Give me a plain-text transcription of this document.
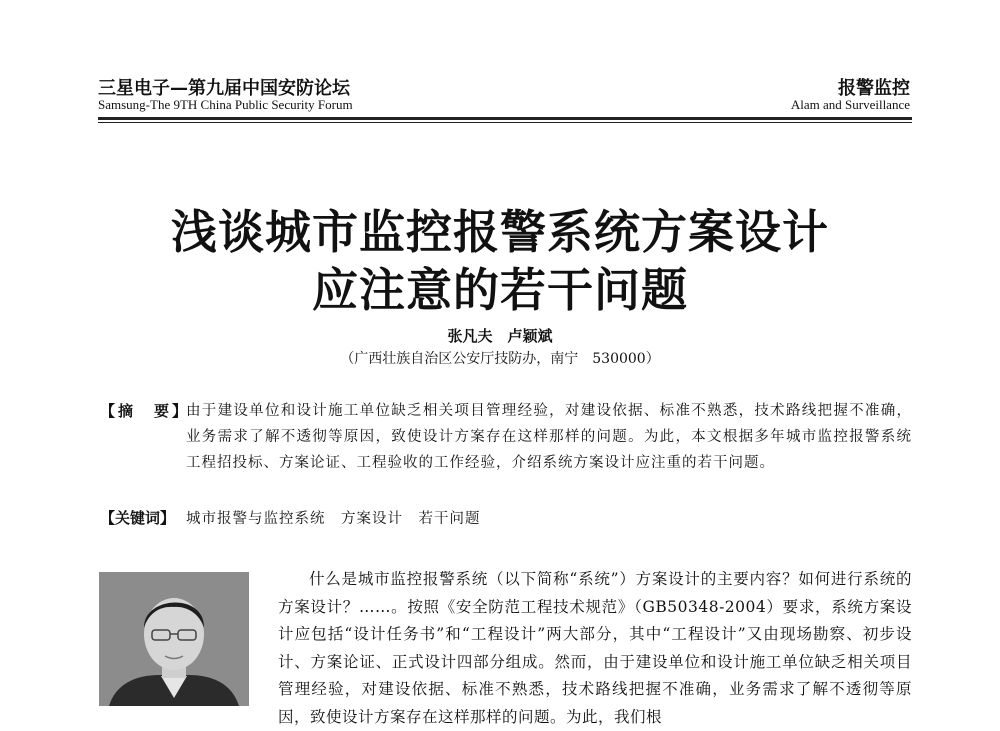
三星电子—第九届中国安防论坛
Samsung-The 9TH China Public Security Forum
报警监控
Alam and Surveillance
浅谈城市监控报警系统方案设计
应注意的若干问题
张凡夫　卢颖斌
（广西壮族自治区公安厅技防办，南宁　530000）
【摘　要】
由于建设单位和设计施工单位缺乏相关项目管理经验，对建设依据、标准不熟悉，技术路线把握不准确，业务需求了解不透彻等原因，致使设计方案存在这样那样的问题。为此，本文根据多年城市监控报警系统工程招投标、方案论证、工程验收的工作经验，介绍系统方案设计应注重的若干问题。
【关键词】 城市报警与监控系统　方案设计　若干问题

什么是城市监控报警系统（以下简称“系统”）方案设计的主要内容？如何进行系统的方案设计？……。按照《安全防范工程技术规范》（GB50348-2004）要求，系统方案设计应包括“设计任务书”和“工程设计”两大部分，其中“工程设计”又由现场勘察、初步设计、方案论证、正式设计四部分组成。然而，由于建设单位和设计施工单位缺乏相关项目管理经验，对建设依据、标准不熟悉，技术路线把握不准确，业务需求了解不透彻等原因，致使设计方案存在这样那样的问题。为此，我们根
